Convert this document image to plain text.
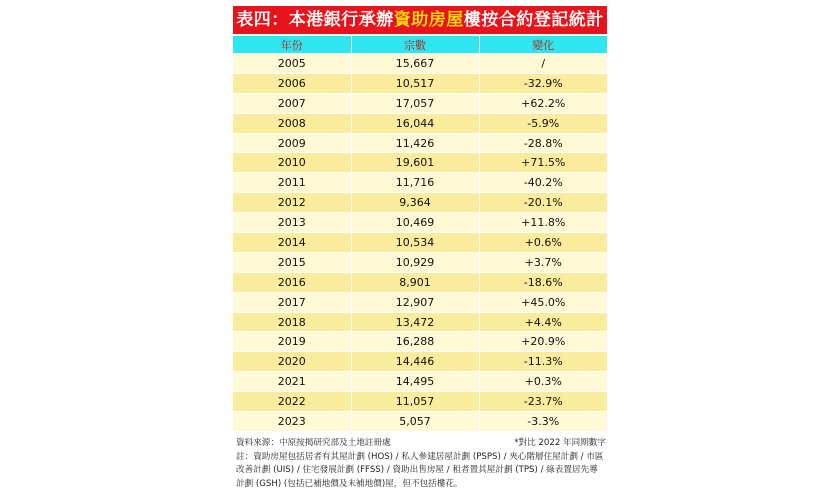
表四：本港銀行承辦資助房屋樓按合約登記統計
年份	宗數	變化
2005	15,667	/
2006	10,517	-32.9%
2007	17,057	+62.2%
2008	16,044	-5.9%
2009	11,426	-28.8%
2010	19,601	+71.5%
2011	11,716	-40.2%
2012	9,364	-20.1%
2013	10,469	+11.8%
2014	10,534	+0.6%
2015	10,929	+3.7%
2016	8,901	-18.6%
2017	12,907	+45.0%
2018	13,472	+4.4%
2019	16,288	+20.9%
2020	14,446	-11.3%
2021	14,495	+0.3%
2022	11,057	-23.7%
2023	5,057	-3.3%
資料來源：中原按揭研究部及土地註冊處	*對比 2022 年同期數字
註：資助房屋包括居者有其屋計劃 (HOS) / 私人參建居屋計劃 (PSPS) / 夾心階層住屋計劃 / 市區改善計劃 (UIS) / 住宅發展計劃 (FFSS) / 資助出售房屋 / 租者置其屋計劃 (TPS) / 綠表置居先導計劃 (GSH) (包括已補地價及未補地價)屋，但不包括樓花。
